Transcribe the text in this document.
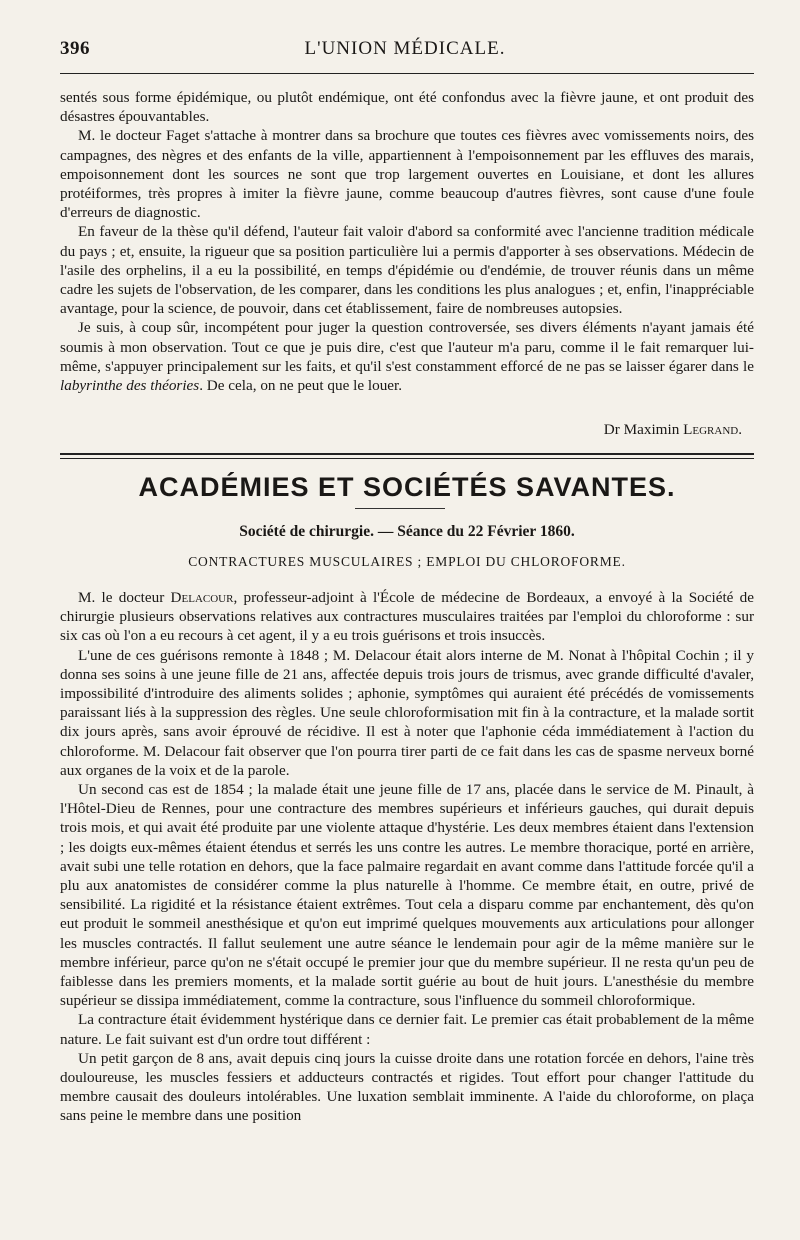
396	L'UNION MÉDICALE.

sentés sous forme épidémique, ou plutôt endémique, ont été confondus avec la fièvre jaune, et ont produit des désastres épouvantables.

M. le docteur Faget s'attache à montrer dans sa brochure que toutes ces fièvres avec vomissements noirs, des campagnes, des nègres et des enfants de la ville, appartiennent à l'empoisonnement par les effluves des marais, empoisonnement dont les sources ne sont que trop largement ouvertes en Louisiane, et dont les allures protéiformes, très propres à imiter la fièvre jaune, comme beaucoup d'autres fièvres, sont cause d'une foule d'erreurs de diagnostic.

En faveur de la thèse qu'il défend, l'auteur fait valoir d'abord sa conformité avec l'ancienne tradition médicale du pays ; et, ensuite, la rigueur que sa position particulière lui a permis d'apporter à ses observations. Médecin de l'asile des orphelins, il a eu la possibilité, en temps d'épidémie ou d'endémie, de trouver réunis dans un même cadre les sujets de l'observation, de les comparer, dans les conditions les plus analogues ; et, enfin, l'inappréciable avantage, pour la science, de pouvoir, dans cet établissement, faire de nombreuses autopsies.

Je suis, à coup sûr, incompétent pour juger la question controversée, ses divers éléments n'ayant jamais été soumis à mon observation. Tout ce que je puis dire, c'est que l'auteur m'a paru, comme il le fait remarquer lui-même, s'appuyer principalement sur les faits, et qu'il s'est constamment efforcé de ne pas se laisser égarer dans le labyrinthe des théories. De cela, on ne peut que le louer.

Dr Maximin Legrand.
ACADÉMIES ET SOCIÉTÉS SAVANTES.
Société de chirurgie. — Séance du 22 Février 1860.
CONTRACTURES MUSCULAIRES ; EMPLOI DU CHLOROFORME.

M. le docteur Delacour, professeur-adjoint à l'École de médecine de Bordeaux, a envoyé à la Société de chirurgie plusieurs observations relatives aux contractures musculaires traitées par l'emploi du chloroforme : sur six cas où l'on a eu recours à cet agent, il y a eu trois guérisons et trois insuccès.

L'une de ces guérisons remonte à 1848 ; M. Delacour était alors interne de M. Nonat à l'hôpital Cochin ; il y donna ses soins à une jeune fille de 21 ans, affectée depuis trois jours de trismus, avec grande difficulté d'avaler, impossibilité d'introduire des aliments solides ; aphonie, symptômes qui auraient été précédés de vomissements paraissant liés à la suppression des règles. Une seule chloroformisation mit fin à la contracture, et la malade sortit dix jours après, sans avoir éprouvé de récidive. Il est à noter que l'aphonie céda immédiatement à l'action du chloroforme. M. Delacour fait observer que l'on pourra tirer parti de ce fait dans les cas de spasme nerveux borné aux organes de la voix et de la parole.

Un second cas est de 1854 ; la malade était une jeune fille de 17 ans, placée dans le service de M. Pinault, à l'Hôtel-Dieu de Rennes, pour une contracture des membres supérieurs et inférieurs gauches, qui durait depuis trois mois, et qui avait été produite par une violente attaque d'hystérie. Les deux membres étaient dans l'extension ; les doigts eux-mêmes étaient étendus et serrés les uns contre les autres. Le membre thoracique, porté en arrière, avait subi une telle rotation en dehors, que la face palmaire regardait en avant comme dans l'attitude forcée qu'il a plu aux anatomistes de considérer comme la plus naturelle à l'homme. Ce membre était, en outre, privé de sensibilité. La rigidité et la résistance étaient extrêmes. Tout cela a disparu comme par enchantement, dès qu'on eut produit le sommeil anesthésique et qu'on eut imprimé quelques mouvements aux articulations pour allonger les muscles contractés. Il fallut seulement une autre séance le lendemain pour agir de la même manière sur le membre inférieur, parce qu'on ne s'était occupé le premier jour que du membre supérieur. Il ne resta qu'un peu de faiblesse dans les premiers moments, et la malade sortit guérie au bout de huit jours. L'anesthésie du membre supérieur se dissipa immédiatement, comme la contracture, sous l'influence du sommeil chloroformique.

La contracture était évidemment hystérique dans ce dernier fait. Le premier cas était probablement de la même nature. Le fait suivant est d'un ordre tout différent :

Un petit garçon de 8 ans, avait depuis cinq jours la cuisse droite dans une rotation forcée en dehors, l'aine très douloureuse, les muscles fessiers et adducteurs contractés et rigides. Tout effort pour changer l'attitude du membre causait des douleurs intolérables. Une luxation semblait imminente. A l'aide du chloroforme, on plaça sans peine le membre dans une position
